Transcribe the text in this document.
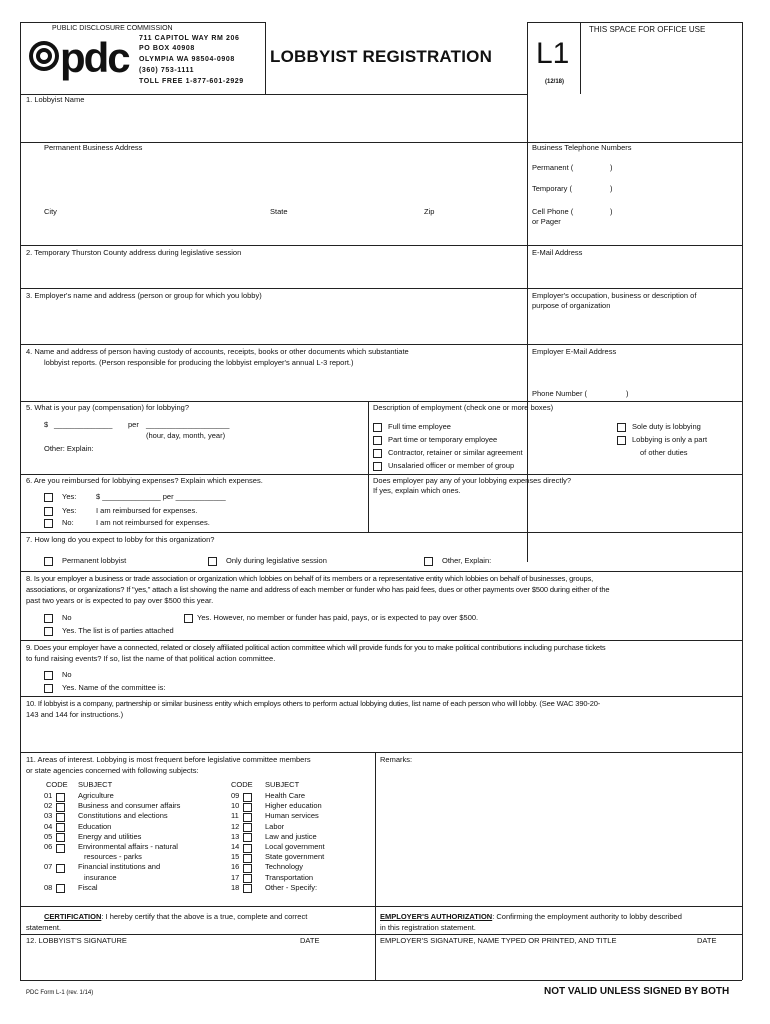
PUBLIC DISCLOSURE COMMISSION
pdc 711 CAPITOL WAY RM 206
PO BOX 40908
OLYMPIA WA 98504-0908
(360) 753-1111
TOLL FREE 1-877-601-2929
LOBBYIST REGISTRATION L1
(12/18)
THIS SPACE FOR OFFICE USE
1. Lobbyist Name
Permanent Business Address	Business Telephone Numbers
Permanent (	)
Temporary (	)
City	State	Zip	Cell Phone (	)
or Pager
2. Temporary Thurston County address during legislative session	E-Mail Address
3. Employer's name and address (person or group for which you lobby)	Employer's occupation, business or description of
purpose of organization
4. Name and address of person having custody of accounts, receipts, books or other documents which substantiate
lobbyist reports. (Person responsible for producing the lobbyist employer's annual L-3 report.)
Employer E-Mail Address
Phone Number (	)
5. What is your pay (compensation) for lobbying?
$ ______________ per ____________________
(hour, day, month, year)
Other: Explain:
Description of employment (check one or more boxes)
Full time employee
Part time or temporary employee
Contractor, retainer or similar agreement
Unsalaried officer or member of group
Sole duty is lobbying
Lobbying is only a part
of other duties
6. Are you reimbursed for lobbying expenses? Explain which expenses.
Yes:	$ ______________ per ____________
Yes:	I am reimbursed for expenses.
No:	I am not reimbursed for expenses.
Does employer pay any of your lobbying expenses directly?
If yes, explain which ones.
7. How long do you expect to lobby for this organization?
Permanent lobbyist	Only during legislative session	Other, Explain:
8. Is your employer a business or trade association or organization which lobbies on behalf of its members or a representative entity which lobbies on behalf of businesses, groups,
associations, or organizations? If "yes," attach a list showing the name and address of each member or funder who has paid fees, dues or other payments over $500 during either of the
past two years or is expected to pay over $500 this year.
No	Yes. However, no member or funder has paid, pays, or is expected to pay over $500.
Yes. The list is of parties attached
9. Does your employer have a connected, related or closely affiliated political action committee which will provide funds for you to make political contributions including purchase tickets
to fund raising events? If so, list the name of that political action committee.
No
Yes. Name of the committee is:
10. If lobbyist is a company, partnership or similar business entity which employs others to perform actual lobbying duties, list name of each person who will lobby. (See WAC 390-20-
143 and 144 for instructions.)
11. Areas of interest. Lobbying is most frequent before legislative committee members
or state agencies concerned with following subjects:
Remarks:
CODE SUBJECT	CODE SUBJECT
CERTIFICATION: I hereby certify that the above is a true, complete and correct
statement.
EMPLOYER'S AUTHORIZATION: Confirming the employment authority to lobby described
in this registration statement.
12. LOBBYIST'S SIGNATURE	DATE	EMPLOYER'S SIGNATURE, NAME TYPED OR PRINTED, AND TITLE	DATE
PDC Form L-1 (rev. 1/14)	NOT VALID UNLESS SIGNED BY BOTH
01	Agriculture
02	Business and consumer affairs
03	Constitutions and elections
04	Education
05	Energy and utilities
06	Environmental affairs - natural
resources - parks
07	Financial institutions and
insurance
08	Fiscal
09	Health Care
10	Higher education
11	Human services
12	Labor
13	Law and justice
14	Local government
15	State government
16	Technology
17	Transportation
18	Other - Specify:
